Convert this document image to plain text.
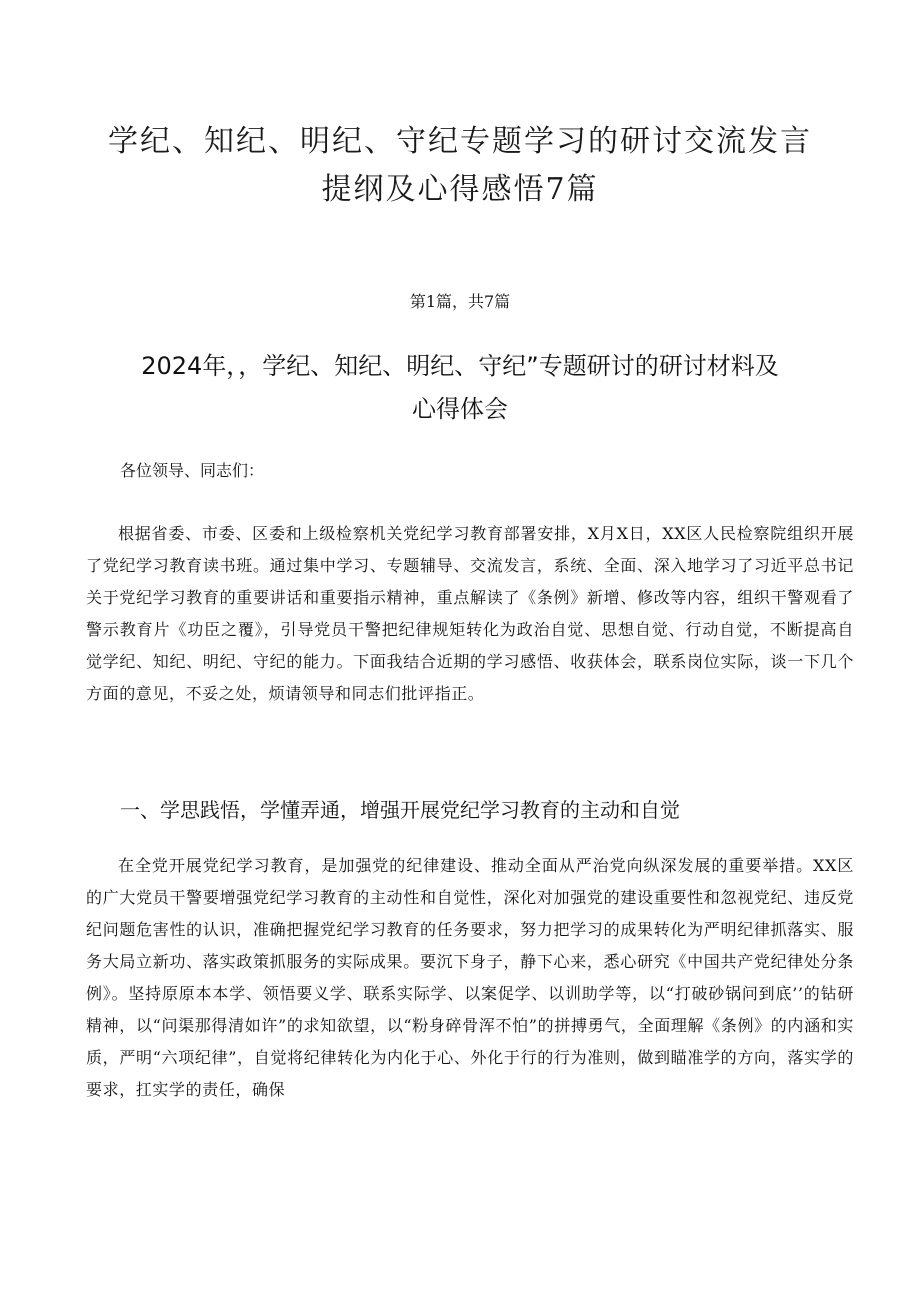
学纪、知纪、明纪、守纪专题学习的研讨交流发言
提纲及心得感悟7篇

第1篇，共7篇

2024年，，学纪、知纪、明纪、守纪”专题研讨的研讨材料及
心得体会

各位领导、同志们：

根据省委、市委、区委和上级检察机关党纪学习教育部署安排，X月X日，XX区人民检察院组织开展了党纪学习教育读书班。通过集中学习、专题辅导、交流发言，系统、全面、深入地学习了习近平总书记关于党纪学习教育的重要讲话和重要指示精神，重点解读了《条例》新增、修改等内容，组织干警观看了警示教育片《功臣之覆》，引导党员干警把纪律规矩转化为政治自觉、思想自觉、行动自觉，不断提高自觉学纪、知纪、明纪、守纪的能力。下面我结合近期的学习感悟、收获体会，联系岗位实际，谈一下几个方面的意见，不妥之处，烦请领导和同志们批评指正。

一、学思践悟，学懂弄通，增强开展党纪学习教育的主动和自觉

在全党开展党纪学习教育，是加强党的纪律建设、推动全面从严治党向纵深发展的重要举措。XX区的广大党员干警要增强党纪学习教育的主动性和自觉性，深化对加强党的建设重要性和忽视党纪、违反党纪问题危害性的认识，准确把握党纪学习教育的任务要求，努力把学习的成果转化为严明纪律抓落实、服务大局立新功、落实政策抓服务的实际成果。要沉下身子，静下心来，悉心研究《中国共产党纪律处分条例》。坚持原原本本学、领悟要义学、联系实际学、以案促学、以训助学等，以“打破砂锅问到底’’的钻研精神，以“问渠那得清如许”的求知欲望，以“粉身碎骨浑不怕”的拼搏勇气，全面理解《条例》的内涵和实质，严明“六项纪律”，自觉将纪律转化为内化于心、外化于行的行为准则，做到瞄准学的方向，落实学的要求，扛实学的责任，确保
